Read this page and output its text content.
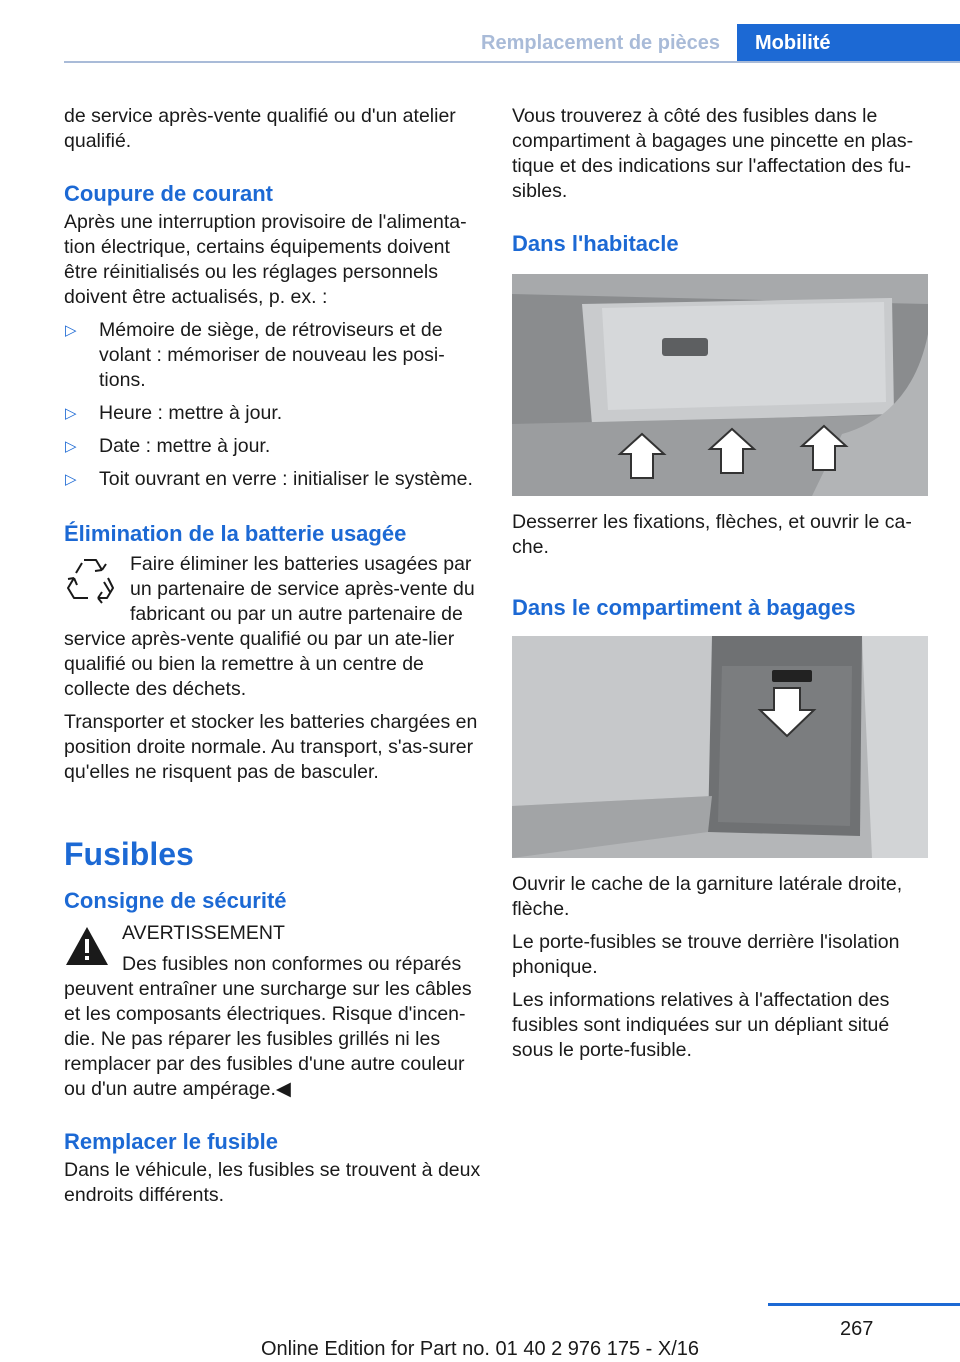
Remplacement de pièces	Mobilité

de service après-vente qualifié ou d'un atelier qualifié.

Coupure de courant

Après une interruption provisoire de l'alimenta‐tion électrique, certains équipements doivent être réinitialisés ou les réglages personnels doivent être actualisés, p. ex. :

▷ Mémoire de siège, de rétroviseurs et de volant : mémoriser de nouveau les posi‐tions.
▷ Heure : mettre à jour.
▷ Date : mettre à jour.
▷ Toit ouvrant en verre : initialiser le système.
Élimination de la batterie usagée

Faire éliminer les batteries usagées par un partenaire de service après-vente du fabricant ou par un autre partenaire de service après-vente qualifié ou par un ate‐lier qualifié ou bien la remettre à un centre de collecte des déchets.

Transporter et stocker les batteries chargées en position droite normale. Au transport, s'as‐surer qu'elles ne risquent pas de basculer.

Fusibles
Consigne de sécurité

AVERTISSEMENT

Des fusibles non conformes ou réparés peuvent entraîner une surcharge sur les câbles et les composants électriques. Risque d'incen‐die. Ne pas réparer les fusibles grillés ni les remplacer par des fusibles d'une autre couleur ou d'un autre ampérage.◀

Remplacer le fusible

Dans le véhicule, les fusibles se trouvent à deux endroits différents.

Vous trouverez à côté des fusibles dans le compartiment à bagages une pincette en plas‐tique et des indications sur l'affectation des fu‐sibles.

Dans l'habitacle

Desserrer les fixations, flèches, et ouvrir le ca‐che.

Dans le compartiment à bagages

Ouvrir le cache de la garniture latérale droite, flèche.

Le porte-fusibles se trouve derrière l'isolation phonique.

Les informations relatives à l'affectation des fusibles sont indiquées sur un dépliant situé sous le porte-fusible.

267
Online Edition for Part no. 01 40 2 976 175 - X/16
